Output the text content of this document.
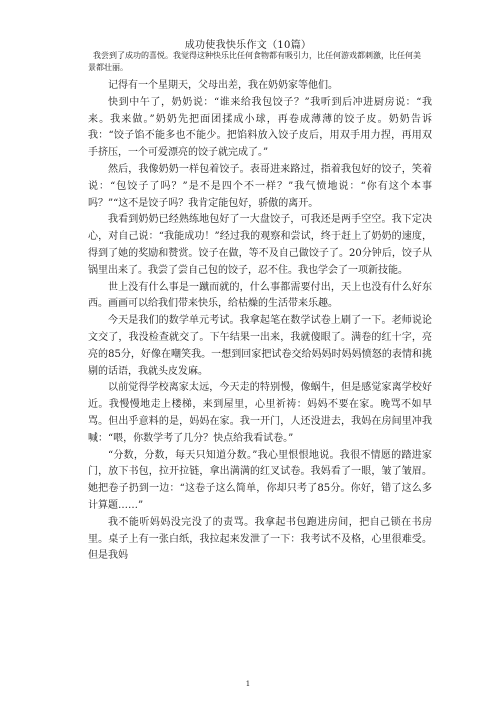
成功使我快乐作文（10篇）
我尝到了成功的喜悦。我觉得这种快乐比任何食物都有吸引力，比任何游戏都刺激，比任何美景都壮丽。

记得有一个星期天，父母出差，我在奶奶家等他们。

快到中午了，奶奶说：“谁来给我包饺子？”我听到后冲进厨房说：“我来。我来做。”奶奶先把面团揉成小球，再卷成薄薄的饺子皮。奶奶告诉我：“饺子馅不能多也不能少。把馅料放入饺子皮后，用双手用力捏，再用双手挤压，一个可爱漂亮的饺子就完成了。”

然后，我像奶奶一样包着饺子。表哥进来路过，指着我包好的饺子，笑着说：“包饺子了吗？”是不是四个不一样？”我气愤地说：“你有这个本事吗？”“这不是饺子吗？我肯定能包好，骄傲的离开。

我看到奶奶已经熟练地包好了一大盘饺子，可我还是两手空空。我下定决心，对自己说：“我能成功！”经过我的观察和尝试，终于赶上了奶奶的速度，得到了她的奖励和赞赏。饺子在做，等不及自己做饺子了。20分钟后，饺子从锅里出来了。我尝了尝自己包的饺子，忍不住。我也学会了一项新技能。

世上没有什么事是一蹴而就的，什么事都需要付出，天上也没有什么好东西。画画可以给我们带来快乐，给枯燥的生活带来乐趣。

今天是我们的数学单元考试。我拿起笔在数学试卷上刷了一下。老师说论文交了，我没检查就交了。下午结果一出来，我就傻眼了。满卷的红十字，亮亮的85分，好像在嘲笑我。一想到回家把试卷交给妈妈时妈妈愤怒的表情和挑剔的话语，我就头皮发麻。

以前觉得学校离家太远，今天走的特别慢，像蜗牛，但是感觉家离学校好近。我慢慢地走上楼梯，来到屋里，心里祈祷：妈妈不要在家。晚骂不如早骂。但出乎意料的是，妈妈在家。我一开门，人还没进去，我妈在房间里冲我喊：“喂，你数学考了几分？快点给我看试卷。”

“分数，分数，每天只知道分数。”我心里恨恨地说。我很不情愿的踏进家门，放下书包，拉开拉链，拿出满满的红叉试卷。我妈看了一眼，皱了皱眉。她把卷子扔到一边：“这卷子这么简单，你却只考了85分。你好，错了这么多计算题……”

我不能听妈妈没完没了的责骂。我拿起书包跑进房间，把自己锁在书房里。桌子上有一张白纸，我拉起来发泄了一下：我考试不及格，心里很难受。但是我妈

1
